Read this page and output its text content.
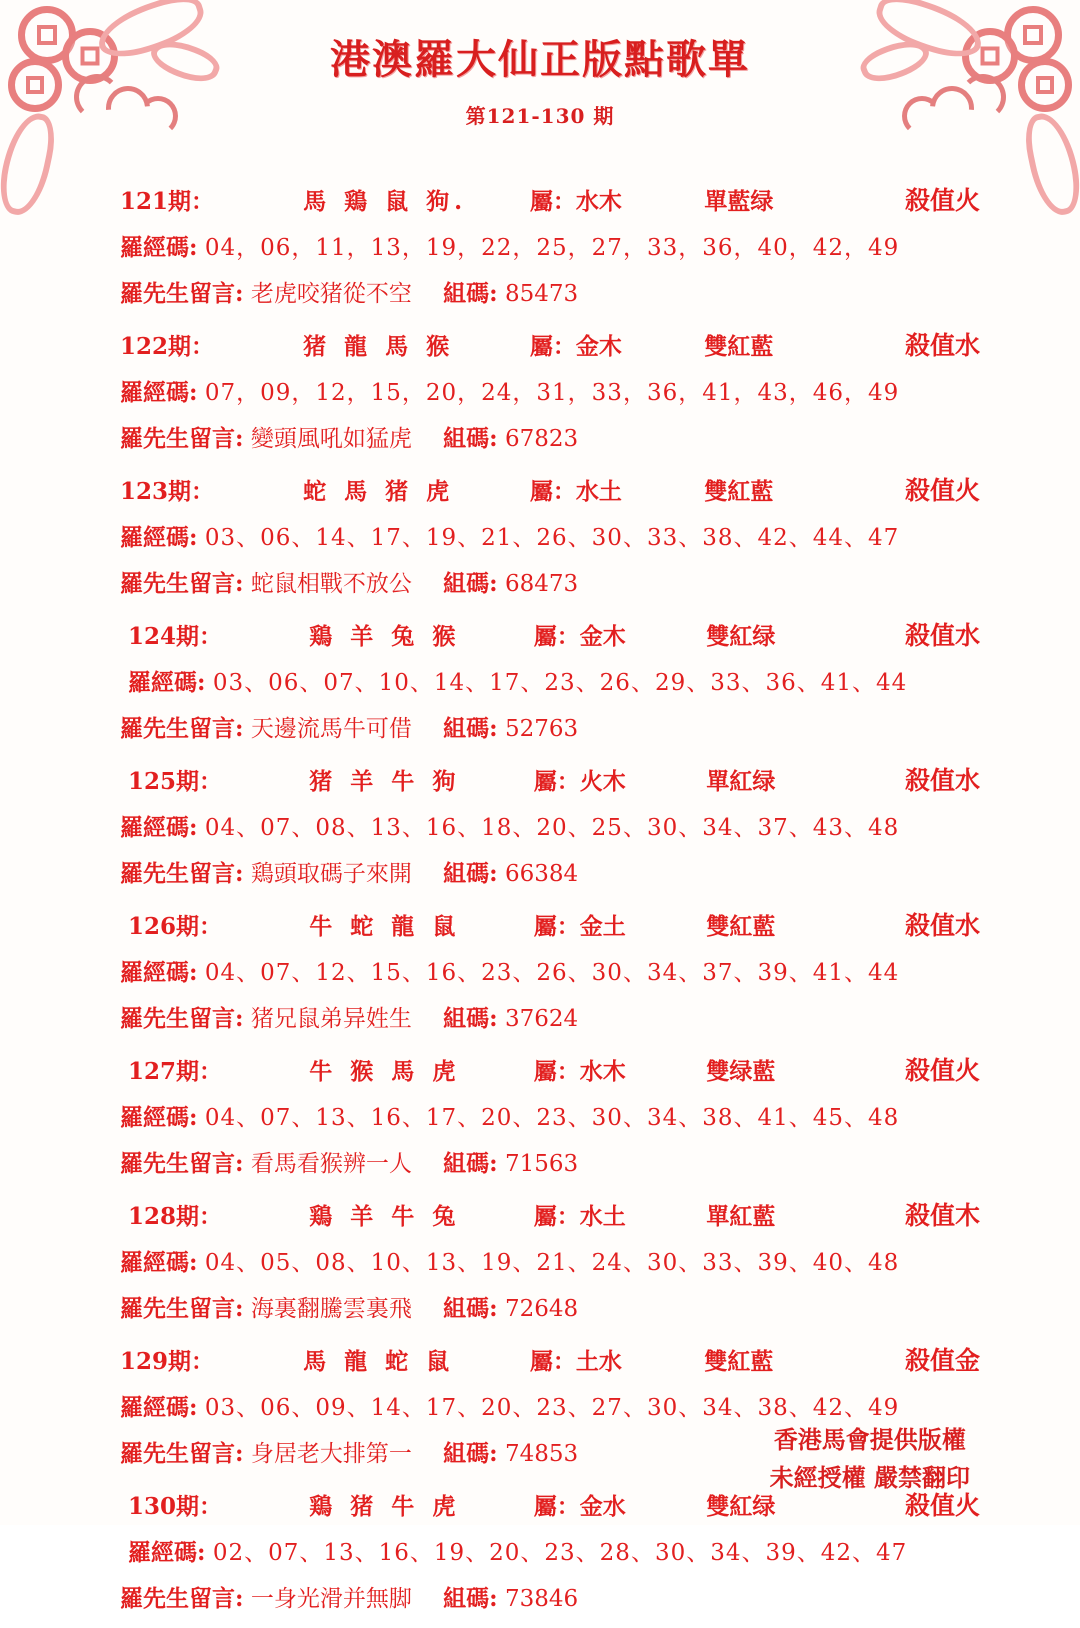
港澳羅大仙正版點歌單
第121-130 期
121期：	馬 鶏 鼠 狗.	屬：水木	單藍绿	殺值火
羅經碼: 04，06，11，13，19，22，25，27，33，36，40，42，49
羅先生留言: 老虎咬猪從不空 組碼: 85473
122期：	猪 龍 馬 猴	屬：金木	雙紅藍	殺值水
羅經碼: 07，09，12，15，20，24，31，33，36，41，43，46，49
羅先生留言: 變頭風吼如猛虎 組碼: 67823
123期：	蛇 馬 猪 虎	屬：水土	雙紅藍	殺值火
羅經碼: 03、06、14、17、19、21、26、30、33、38、42、44、47
羅先生留言: 蛇鼠相戰不放公 組碼: 68473
124期：	鶏 羊 兔 猴	屬：金木	雙紅绿	殺值水
羅經碼: 03、06、07、10、14、17、23、26、29、33、36、41、44
羅先生留言: 天邊流馬牛可借 組碼: 52763
125期：	猪 羊 牛 狗	屬：火木	單紅绿	殺值水
羅經碼: 04、07、08、13、16、18、20、25、30、34、37、43、48
羅先生留言: 鶏頭取碼子來開 組碼: 66384
126期：	牛 蛇 龍 鼠	屬：金土	雙紅藍	殺值水
羅經碼: 04、07、12、15、16、23、26、30、34、37、39、41、44
羅先生留言: 猪兄鼠弟异姓生 組碼: 37624
127期：	牛 猴 馬 虎	屬：水木	雙绿藍	殺值火
羅經碼: 04、07、13、16、17、20、23、30、34、38、41、45、48
羅先生留言: 看馬看猴辨一人 組碼: 71563
128期：	鶏 羊 牛 兔	屬：水土	單紅藍	殺值木
羅經碼: 04、05、08、10、13、19、21、24、30、33、39、40、48
羅先生留言: 海裏翻騰雲裏飛 組碼: 72648
129期：	馬 龍 蛇 鼠	屬：土水	雙紅藍	殺值金
羅經碼: 03、06、09、14、17、20、23、27、30、34、38、42、49
羅先生留言: 身居老大排第一 組碼: 74853
130期：	鶏 猪 牛 虎	屬：金水	雙紅绿	殺值火
羅經碼: 02、07、13、16、19、20、23、28、30、34、39、42、47
羅先生留言: 一身光滑并無脚 組碼: 73846
香港馬會提供版權
未經授權 嚴禁翻印
